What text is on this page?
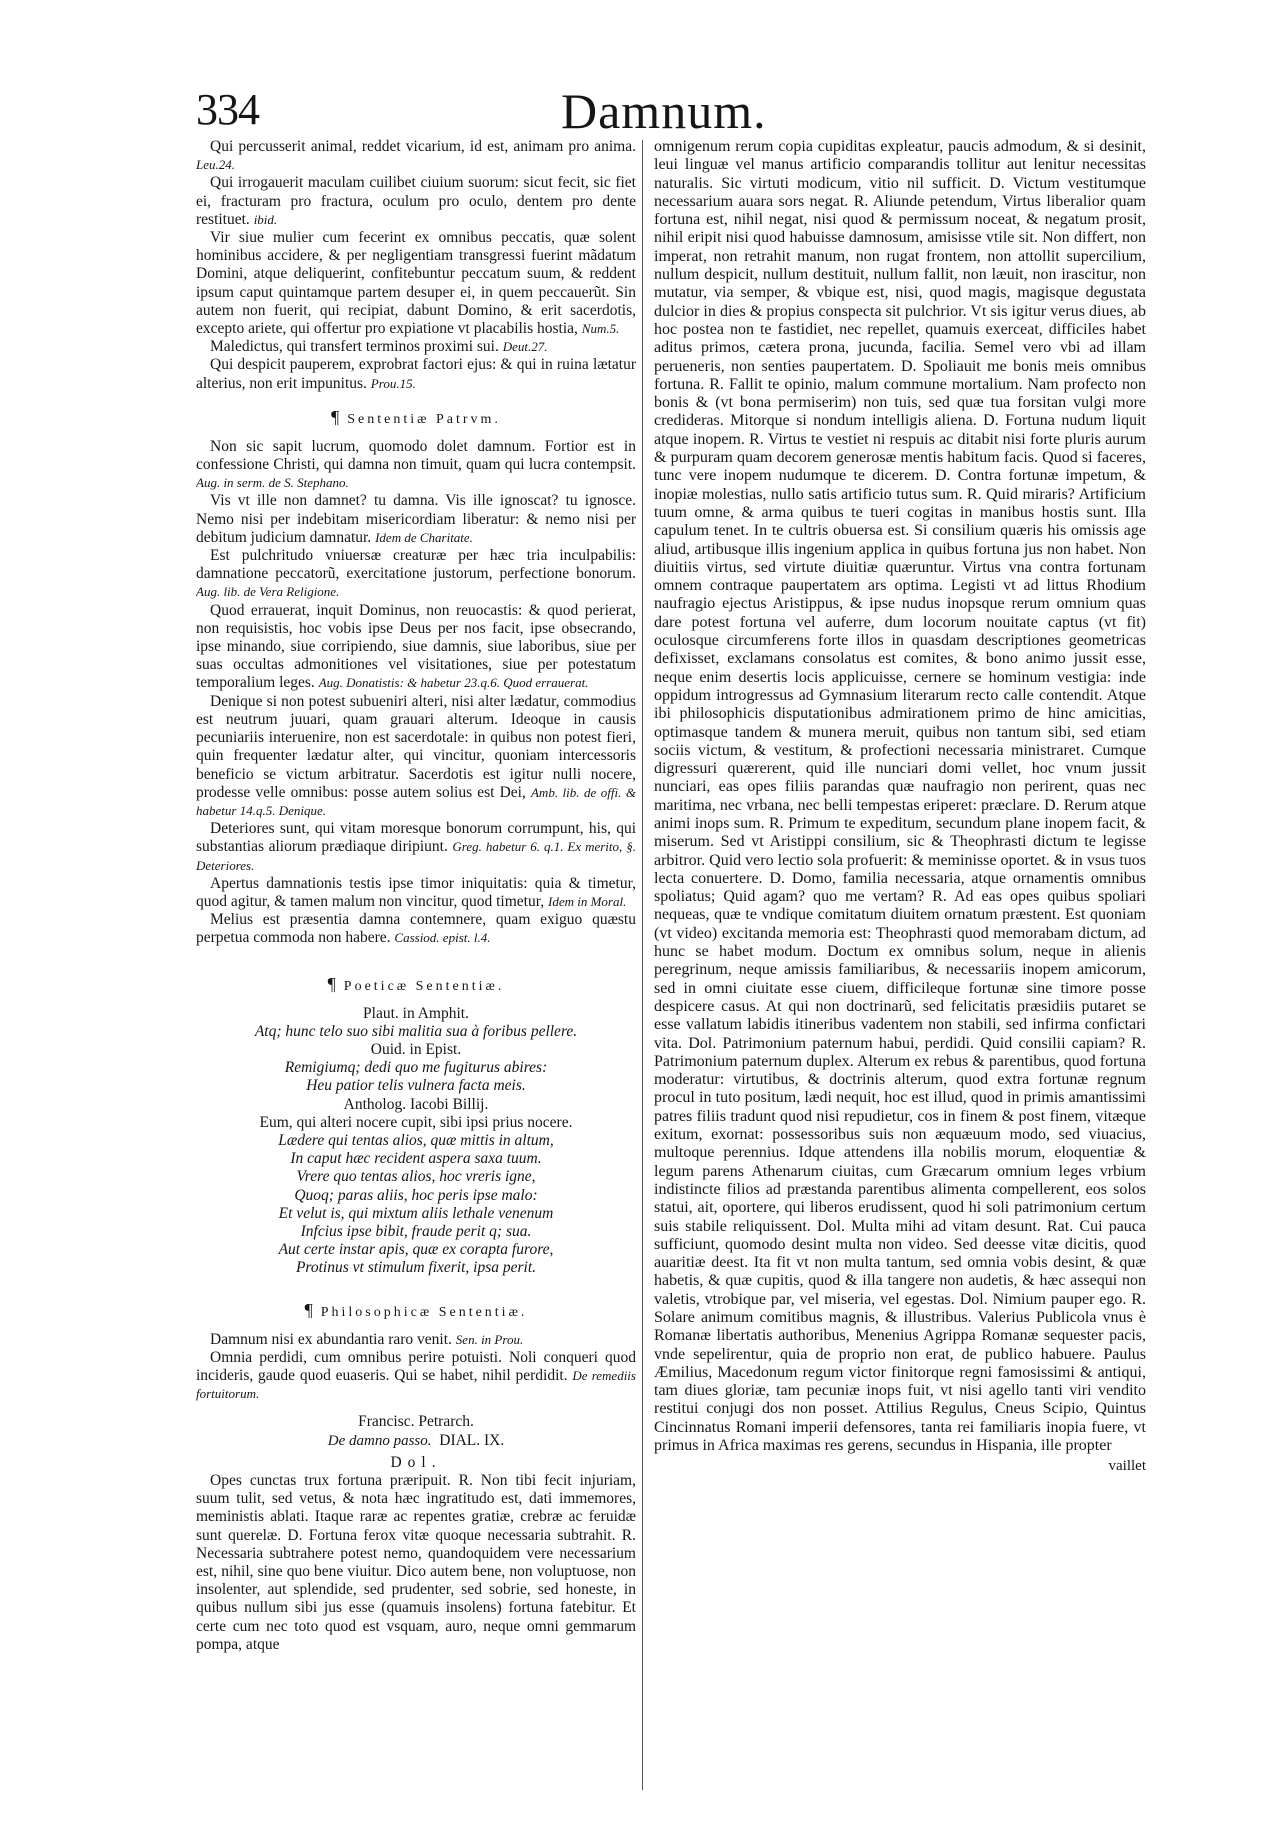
334	Damnum.

Qui percusserit animal, reddet vicarium, id est, animam pro anima. Leu.24.

Qui irrogauerit maculam cuilibet ciuium suorum: sicut fecit, sic fiet ei, fracturam pro fractura, oculum pro oculo, dentem pro dente restituet. ibid.

Vir siue mulier cum fecerint ex omnibus peccatis, quæ solent hominibus accidere, & per negligentiam transgressi fuerint mãdatum Domini, atque deliquerint, confitebuntur peccatum suum, & reddent ipsum caput quintamque partem desuper ei, in quem peccauerũt. Sin autem non fuerit, qui recipiat, dabunt Domino, & erit sacerdotis, excepto ariete, qui offertur pro expiatione vt placabilis hostia, Num.5.

Maledictus, qui transfert terminos proximi sui. Deut.27.

Qui despicit pauperem, exprobrat factori ejus: & qui in ruina lætatur alterius, non erit impunitus. Prou.15.

¶ Sententiæ Patrvm.

Non sic sapit lucrum, quomodo dolet damnum. Fortior est in confessione Christi, qui damna non timuit, quam qui lucra contempsit. Aug. in serm. de S. Stephano.

Vis vt ille non damnet? tu damna. Vis ille ignoscat? tu ignosce. Nemo nisi per indebitam misericordiam liberatur: & nemo nisi per debitum judicium damnatur. Idem de Charitate.

Est pulchritudo vniuersæ creaturæ per hæc tria inculpabilis: damnatione peccatorũ, exercitatione justorum, perfectione bonorum. Aug. lib. de Vera Religione.

Quod errauerat, inquit Dominus, non reuocastis: & quod perierat, non requisistis, hoc vobis ipse Deus per nos facit, ipse obsecrando, ipse minando, siue corripiendo, siue damnis, siue laboribus, siue per suas occultas admonitiones vel visitationes, siue per potestatum temporalium leges. Aug. Donatistis: & habetur 23.q.6. Quod errauerat.

Denique si non potest subueniri alteri, nisi alter lædatur, commodius est neutrum juuari, quam grauari alterum. Ideoque in causis pecuniariis interuenire, non est sacerdotale: in quibus non potest fieri, quin frequenter lædatur alter, qui vincitur, quoniam intercessoris beneficio se victum arbitratur. Sacerdotis est igitur nulli nocere, prodesse velle omnibus: posse autem solius est Dei, Amb. lib. de offi. & habetur 14.q.5. Denique.

Deteriores sunt, qui vitam moresque bonorum corrumpunt, his, qui substantias aliorum prædiaque diripiunt. Greg. habetur 6. q.1. Ex merito, §. Deteriores.

Apertus damnationis testis ipse timor iniquitatis: quia & timetur, quod agitur, & tamen malum non vincitur, quod timetur, Idem in Moral.

Melius est præsentia damna contemnere, quam exiguo quæstu perpetua commoda non habere. Cassiod. epist. l.4.

¶ Poeticæ Sententiæ.

Plaut. in Amphit.

Atq; hunc telo suo sibi malitia sua à foribus pellere.

Ouid. in Epist.

Remigiumq; dedi quo me fugiturus abires:

Heu patior telis vulnera facta meis.

Antholog. Iacobi Billij.

Eum, qui alteri nocere cupit, sibi ipsi prius nocere.

Lædere qui tentas alios, quæ mittis in altum,

In caput hæc recident aspera saxa tuum.

Vrere quo tentas alios, hoc vreris igne,

Quoq; paras aliis, hoc peris ipse malo:

Et velut is, qui mixtum aliis lethale venenum

Infcius ipse bibit, fraude perit q; sua.

Aut certe instar apis, quæ ex corapta furore,

Protinus vt stimulum fixerit, ipsa perit.

¶ Philosophicæ Sententiæ.

Damnum nisi ex abundantia raro venit. Sen. in Prou.

Omnia perdidi, cum omnibus perire potuisti. Noli conqueri quod incideris, gaude quod euaseris. Qui se habet, nihil perdidit. De remediis fortuitorum.

Francisc. Petrarch.

De damno passo. DIAL. IX.

Dol.

Opes cunctas trux fortuna præripuit. R. Non tibi fecit injuriam, suum tulit, sed vetus, & nota hæc ingratitudo est, dati immemores, meministis ablati. Itaque raræ ac repentes gratiæ, crebræ ac feruidæ sunt querelæ. D. Fortuna ferox vitæ quoque necessaria subtrahit. R. Necessaria subtrahere potest nemo, quandoquidem vere necessarium est, nihil, sine quo bene viuitur. Dico autem bene, non voluptuose, non insolenter, aut splendide, sed prudenter, sed sobrie, sed honeste, in quibus nullum sibi jus esse (quamuis insolens) fortuna fatebitur. Et certe cum nec toto quod est vsquam, auro, neque omni gemmarum pompa, atque

omnigenum rerum copia cupiditas expleatur, paucis admodum, & si desinit, leui linguæ vel manus artificio comparandis tollitur aut lenitur necessitas naturalis. Sic virtuti modicum, vitio nil sufficit. D. Victum vestitumque necessarium auara sors negat. R. Aliunde petendum, Virtus liberalior quam fortuna est, nihil negat, nisi quod & permissum noceat, & negatum prosit, nihil eripit nisi quod habuisse damnosum, amisisse vtile sit. Non differt, non imperat, non retrahit manum, non rugat frontem, non attollit supercilium, nullum despicit, nullum destituit, nullum fallit, non læuit, non irascitur, non mutatur, via semper, & vbique est, nisi, quod magis, magisque degustata dulcior in dies & propius conspecta sit pulchrior. Vt sis igitur verus diues, ab hoc postea non te fastidiet, nec repellet, quamuis exerceat, difficiles habet aditus primos, cætera prona, jucunda, facilia. Semel vero vbi ad illam perueneris, non senties paupertatem. D. Spoliauit me bonis meis omnibus fortuna. R. Fallit te opinio, malum commune mortalium. Nam profecto non bonis & (vt bona permiserim) non tuis, sed quæ tua forsitan vulgi more credideras. Mitorque si nondum intelligis aliena. D. Fortuna nudum liquit atque inopem. R. Virtus te vestiet ni respuis ac ditabit nisi forte pluris aurum & purpuram quam decorem generosæ mentis habitum facis. Quod si faceres, tunc vere inopem nudumque te dicerem. D. Contra fortunæ impetum, & inopiæ molestias, nullo satis artificio tutus sum. R. Quid miraris? Artificium tuum omne, & arma quibus te tueri cogitas in manibus hostis sunt. Illa capulum tenet. In te cultris obuersa est. Si consilium quæris his omissis age aliud, artibusque illis ingenium applica in quibus fortuna jus non habet. Non diuitiis virtus, sed virtute diuitiæ quæruntur. Virtus vna contra fortunam omnem contraque paupertatem ars optima. Legisti vt ad littus Rhodium naufragio ejectus Aristippus, & ipse nudus inopsque rerum omnium quas dare potest fortuna vel auferre, dum locorum nouitate captus (vt fit) oculosque circumferens forte illos in quasdam descriptiones geometricas defixisset, exclamans consolatus est comites, & bono animo jussit esse, neque enim desertis locis applicuisse, cernere se hominum vestigia: inde oppidum introgressus ad Gymnasium literarum recto calle contendit. Atque ibi philosophicis disputationibus admirationem primo de hinc amicitias, optimasque tandem & munera meruit, quibus non tantum sibi, sed etiam sociis victum, & vestitum, & profectioni necessaria ministraret. Cumque digressuri quærerent, quid ille nunciari domi vellet, hoc vnum jussit nunciari, eas opes filiis parandas quæ naufragio non perirent, quas nec maritima, nec vrbana, nec belli tempestas eriperet: præclare. D. Rerum atque animi inops sum. R. Primum te expeditum, secundum plane inopem facit, & miserum. Sed vt Aristippi consilium, sic & Theophrasti dictum te legisse arbitror. Quid vero lectio sola profuerit: & meminisse oportet. & in vsus tuos lecta conuertere. D. Domo, familia necessaria, atque ornamentis omnibus spoliatus; Quid agam? quo me vertam? R. Ad eas opes quibus spoliari nequeas, quæ te vndique comitatum diuitem ornatum præstent. Est quoniam (vt video) excitanda memoria est: Theophrasti quod memorabam dictum, ad hunc se habet modum. Doctum ex omnibus solum, neque in alienis peregrinum, neque amissis familiaribus, & necessariis inopem amicorum, sed in omni ciuitate esse ciuem, difficileque fortunæ sine timore posse despicere casus. At qui non doctrinarũ, sed felicitatis præsidiis putaret se esse vallatum labidis itineribus vadentem non stabili, sed infirma confictari vita. Dol. Patrimonium paternum habui, perdidi. Quid consilii capiam? R. Patrimonium paternum duplex. Alterum ex rebus & parentibus, quod fortuna moderatur: virtutibus, & doctrinis alterum, quod extra fortunæ regnum procul in tuto positum, lædi nequit, hoc est illud, quod in primis amantissimi patres filiis tradunt quod nisi repudietur, cos in finem & post finem, vitæque exitum, exornat: possessoribus suis non æquæuum modo, sed viuacius, multoque perennius. Idque attendens illa nobilis morum, eloquentiæ & legum parens Athenarum ciuitas, cum Græcarum omnium leges vrbium indistincte filios ad præstanda parentibus alimenta compellerent, eos solos statui, ait, oportere, qui liberos erudissent, quod hi soli patrimonium certum suis stabile reliquissent. Dol. Multa mihi ad vitam desunt. Rat. Cui pauca sufficiunt, quomodo desint multa non video. Sed deesse vitæ dicitis, quod auaritiæ deest. Ita fit vt non multa tantum, sed omnia vobis desint, & quæ habetis, & quæ cupitis, quod & illa tangere non audetis, & hæc assequi non valetis, vtrobique par, vel miseria, vel egestas. Dol. Nimium pauper ego. R. Solare animum comitibus magnis, & illustribus. Valerius Publicola vnus è Romanæ libertatis authoribus, Menenius Agrippa Romanæ sequester pacis, vnde sepelirentur, quia de proprio non erat, de publico habuere. Paulus Æmilius, Macedonum regum victor finitorque regni famosissimi & antiqui, tam diues gloriæ, tam pecuniæ inops fuit, vt nisi agello tanti viri vendito restitui conjugi dos non posset. Attilius Regulus, Cneus Scipio, Quintus Cincinnatus Romani imperii defensores, tanta rei familiaris inopia fuere, vt primus in Africa maximas res gerens, secundus in Hispania, ille propter

vaillet
